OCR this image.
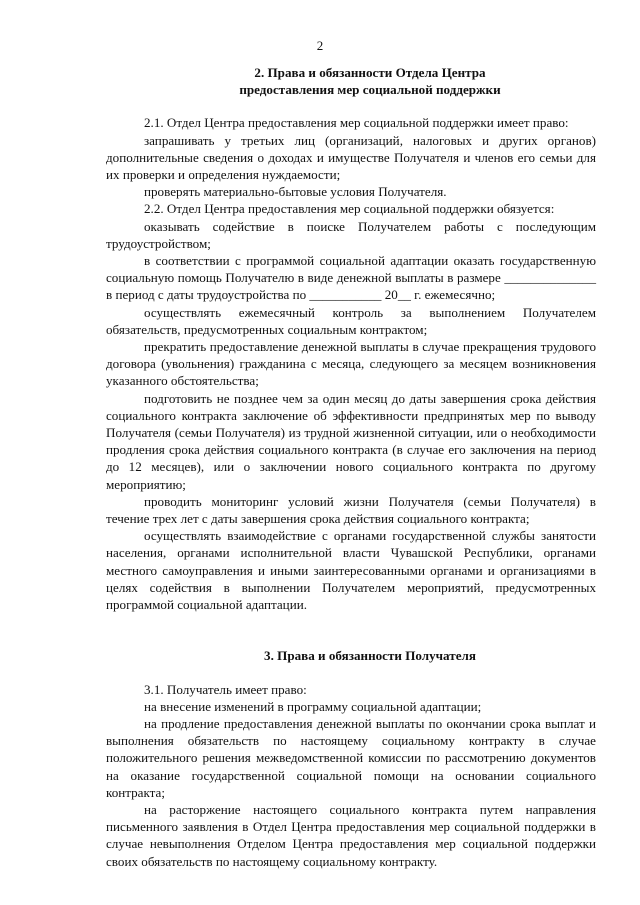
2

2. Права и обязанности Отдела Центра

предоставления мер социальной поддержки

2.1. Отдел Центра предоставления мер социальной поддержки имеет право:

запрашивать у третьих лиц (организаций, налоговых и других органов) дополнительные сведения о доходах и имуществе Получателя и членов его семьи для их проверки и определения нуждаемости;

проверять материально-бытовые условия Получателя.

2.2. Отдел Центра предоставления мер социальной поддержки обязуется:

оказывать содействие в поиске Получателем работы с последующим трудоустройством;

в соответствии с программой социальной адаптации оказать государственную социальную помощь Получателю в виде денежной выплаты в размере ______________ в период с даты трудоустройства по ___________ 20__ г. ежемесячно;

осуществлять ежемесячный контроль за выполнением Получателем обязательств, предусмотренных социальным контрактом;

прекратить предоставление денежной выплаты в случае прекращения трудового договора (увольнения) гражданина с месяца, следующего за месяцем возникновения указанного обстоятельства;

подготовить не позднее чем за один месяц до даты завершения срока действия социального контракта заключение об эффективности предпринятых мер по выводу Получателя (семьи Получателя) из трудной жизненной ситуации, или о необходимости продления срока действия социального контракта (в случае его заключения на период до 12 месяцев), или о заключении нового социального контракта по другому мероприятию;

проводить мониторинг условий жизни Получателя (семьи Получателя) в течение трех лет с даты завершения срока действия социального контракта;

осуществлять взаимодействие с органами государственной службы занятости населения, органами исполнительной власти Чувашской Республики, органами местного самоуправления и иными заинтересованными органами и организациями в целях содействия в выполнении Получателем мероприятий, предусмотренных программой социальной адаптации.

3. Права и обязанности Получателя

3.1. Получатель имеет право:

на внесение изменений в программу социальной адаптации;

на продление предоставления денежной выплаты по окончании срока выплат и выполнения обязательств по настоящему социальному контракту в случае положительного решения межведомственной комиссии по рассмотрению документов на оказание государственной социальной помощи на основании социального контракта;

на расторжение настоящего социального контракта путем направления письменного заявления в Отдел Центра предоставления мер социальной поддержки в случае невыполнения Отделом Центра предоставления мер социальной поддержки своих обязательств по настоящему социальному контракту.
